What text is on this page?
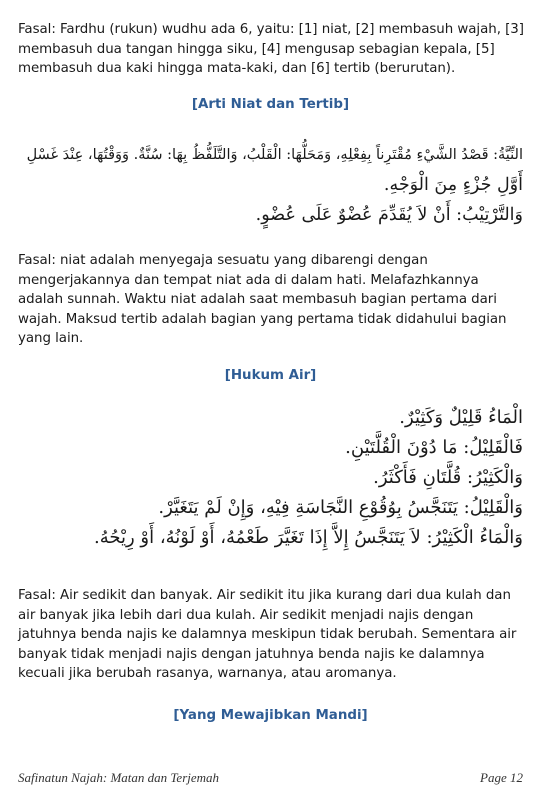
Fasal: Fardhu (rukun) wudhu ada 6, yaitu: [1] niat, [2] membasuh wajah, [3] membasuh dua tangan hingga siku, [4] mengusap sebagian kepala, [5] membasuh dua kaki hingga mata-kaki, dan [6] tertib (berurutan).

[Arti Niat dan Tertib]

النِّيَّةُ: قَصْدُ الشَّيْءِ مُقْتَرِناً بِفِعْلِهِ، وَمَحَلُّهَا: الْقَلْبُ، وَالتَّلَفُّظُ بِهَا: سُنَّةٌ. وَوَقْتُهَا، عِنْدَ غَسْلِ
أَوَّلِ جُزْءٍ مِنَ الْوَجْهِ.
وَالتَّرْتِيْبُ: أَنْ لاَ يُقَدِّمَ عُضْوٌ عَلَى عُضْوٍ.

Fasal: niat adalah menyegaja sesuatu yang dibarengi dengan mengerjakannya dan tempat niat ada di dalam hati. Melafazhkannya adalah sunnah. Waktu niat adalah saat membasuh bagian pertama dari wajah. Maksud tertib adalah bagian yang pertama tidak didahului bagian yang lain.

[Hukum Air]

الْمَاءُ قَلِيْلٌ وَكَثِيْرٌ.
فَالْقَلِيْلُ: مَا دُوْنَ الْقُلَّتَيْنِ.
وَالْكَثِيْرُ: قُلَّتَانِ فَأَكْثَرُ.
وَالْقَلِيْلُ: يَتَنَجَّسُ بِوُقُوْعِ النَّجَاسَةِ فِيْهِ، وَإِنْ لَمْ يَتَغَيَّرْ.
وَالْمَاءُ الْكَثِيْرُ: لاَ يَتَنَجَّسُ إِلاَّ إِذَا تَغَيَّرَ طَعْمُهُ، أَوْ لَوْنُهُ، أَوْ رِيْحُهُ.

Fasal: Air sedikit dan banyak. Air sedikit itu jika kurang dari dua kulah dan air banyak jika lebih dari dua kulah. Air sedikit menjadi najis dengan jatuhnya benda najis ke dalamnya meskipun tidak berubah. Sementara air banyak tidak menjadi najis dengan jatuhnya benda najis ke dalamnya kecuali jika berubah rasanya, warnanya, atau aromanya.

[Yang Mewajibkan Mandi]

Safinatun Najah: Matan dan Terjemah	Page 12
